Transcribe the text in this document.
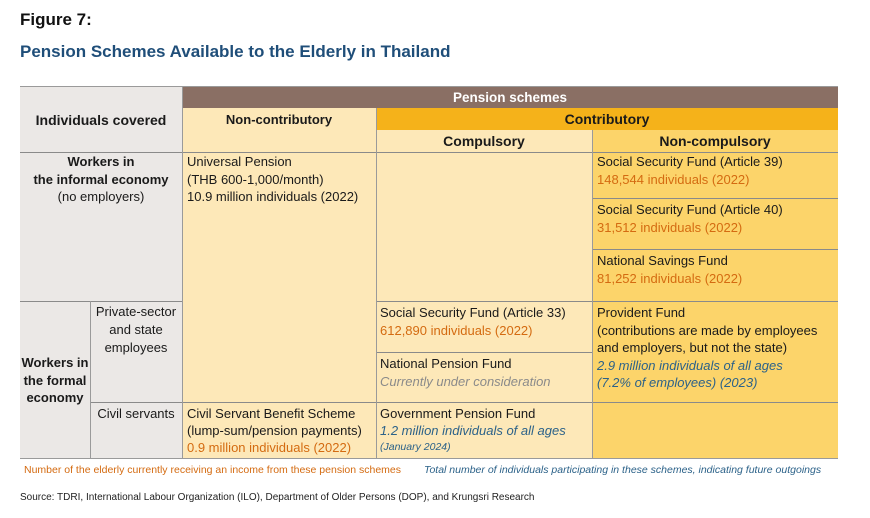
Figure 7:
Pension Schemes Available to the Elderly in Thailand
Individuals covered
Pension schemes
Contributory
Non-contributory
Compulsory	Non-compulsory
Workers in
the informal economy
(no employers)
Universal Pension
(THB 600-1,000/month)
10.9 million individuals (2022)
Social Security Fund (Article 39)
148,544 individuals (2022)
Social Security Fund (Article 40)
31,512 individuals (2022)
National Savings Fund
81,252 individuals (2022)
Workers in
the formal
economy
Private-sector
and state
employees
Civil servants
Social Security Fund (Article 33)
612,890 individuals (2022)
National Pension Fund
Currently under consideration
Provident Fund
(contributions are made by employees
and employers, but not the state)
2.9 million individuals of all ages
(7.2% of employees) (2023)
Civil Servant Benefit Scheme
(lump-sum/pension payments)
0.9 million individuals (2022)
Government Pension Fund
1.2 million individuals of all ages
(January 2024)
Number of the elderly currently receiving an income from these pension schemes Total number of individuals participating in these schemes, indicating future outgoings
Source: TDRI, International Labour Organization (ILO), Department of Older Persons (DOP), and Krungsri Research
